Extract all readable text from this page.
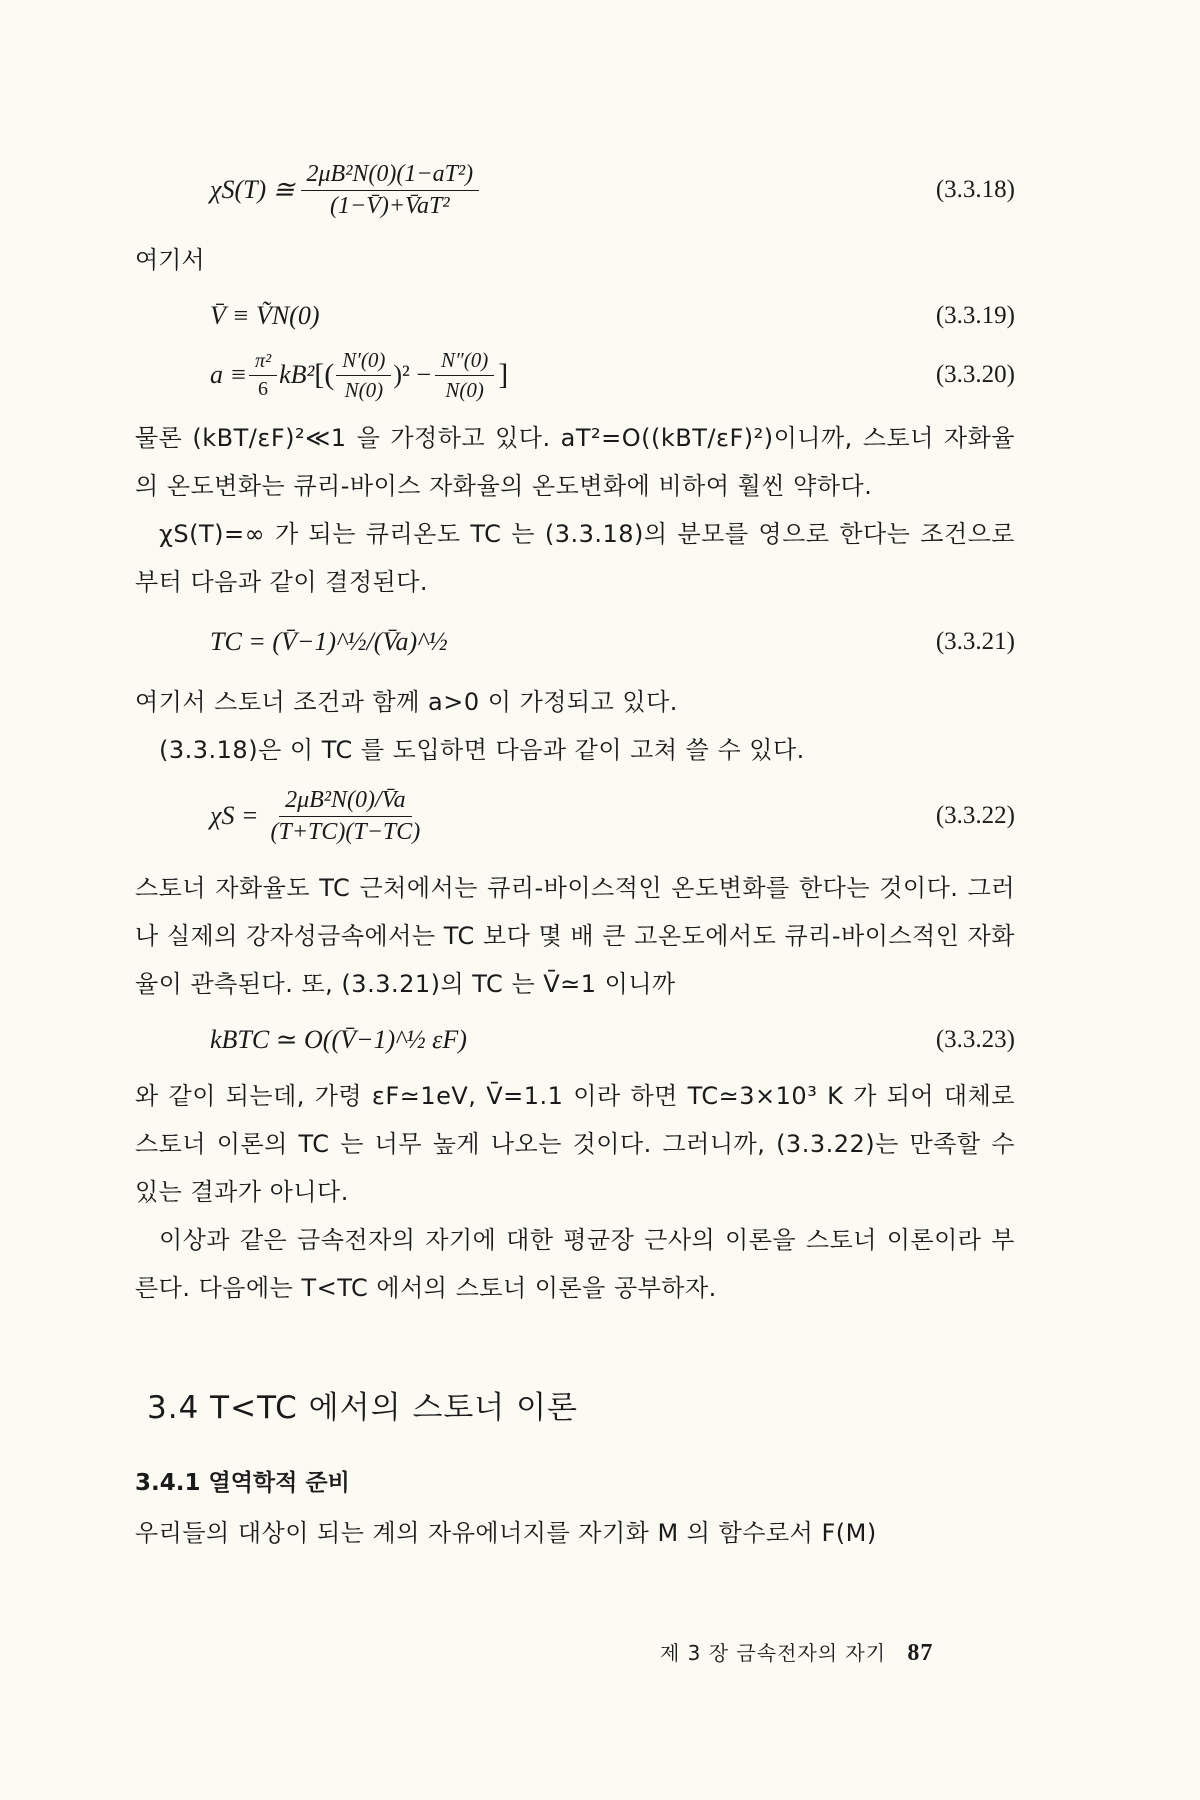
χS(T) ≅ $\frac{\text{2μB²N(0)(1−aT²)}}{\text{(1−V̄)+V̄aT²}}$	(3.3.18)

여기서

V̄ ≡ ṼN(0)	(3.3.19)
$a \equiv \frac{\text{π²}}{6} kB^2$ [( $\frac{N'(0)}{N(0)} )^2 - \frac{N''(0)}{N(0)}$ ]	(3.3.20)

물론 (kBT/εF)²≪1 을 가정하고 있다. aT²=O((kBT/εF)²)이니까, 스토너 자화율의 온도변화는 큐리-바이스 자화율의 온도변화에 비하여 훨씬 약하다.

χS(T)=∞ 가 되는 큐리온도 TC 는 (3.3.18)의 분모를 영으로 한다는 조건으로부터 다음과 같이 결정된다.

TC = (V̄−1)^½/(V̄a)^½	(3.3.21)

여기서 스토너 조건과 함께 a>0 이 가정되고 있다.

(3.3.18)은 이 TC 를 도입하면 다음과 같이 고쳐 쓸 수 있다.

$\chi S = \frac{\text{2μB²N(0)/V̄a}}{(T+TC)(T-TC)}$	(3.3.22)

스토너 자화율도 TC 근처에서는 큐리-바이스적인 온도변화를 한다는 것이다. 그러나 실제의 강자성금속에서는 TC 보다 몇 배 큰 고온도에서도 큐리-바이스적인 자화율이 관측된다. 또, (3.3.21)의 TC 는 V̄≃1 이니까

kBTC ≃ O((V̄−1)^½ εF)	(3.3.23)

와 같이 되는데, 가령 εF≃1eV, V̄=1.1 이라 하면 TC≃3×10³ K 가 되어 대체로 스토너 이론의 TC 는 너무 높게 나오는 것이다. 그러니까, (3.3.22)는 만족할 수 있는 결과가 아니다.

이상과 같은 금속전자의 자기에 대한 평균장 근사의 이론을 스토너 이론이라 부른다. 다음에는 T<TC 에서의 스토너 이론을 공부하자.

3.4 T<TC 에서의 스토너 이론
3.4.1 열역학적 준비

우리들의 대상이 되는 계의 자유에너지를 자기화 M 의 함수로서 F(M)

제 3 장 금속전자의 자기 87
